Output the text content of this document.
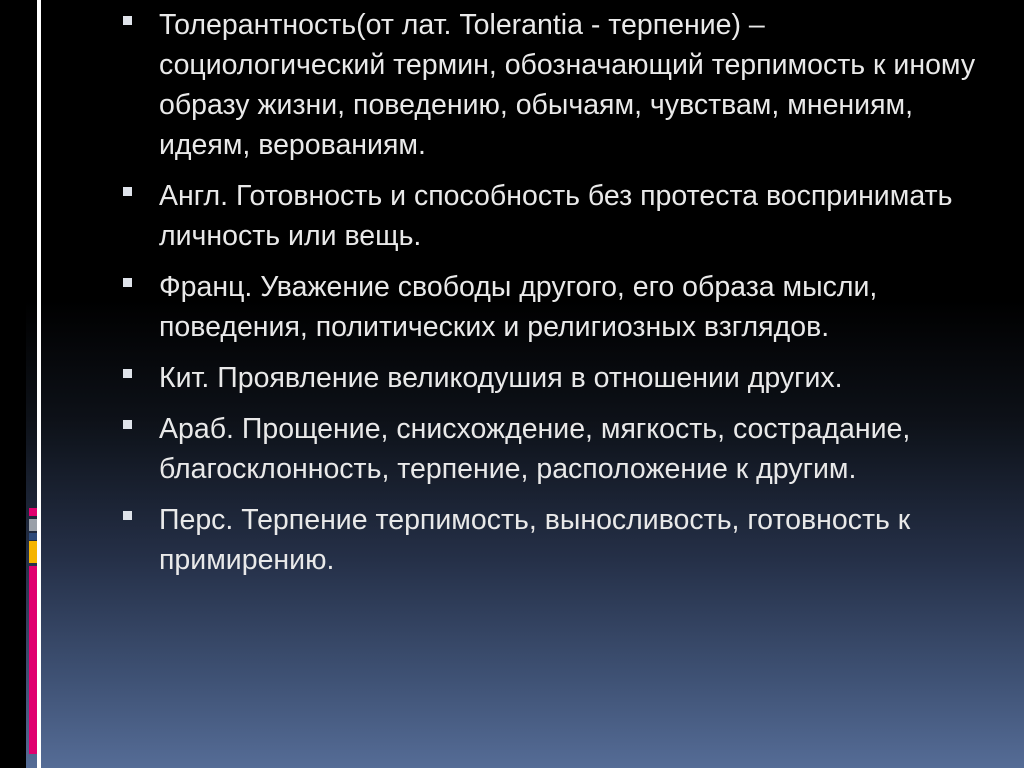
Толерантность(от лат. Tolerantia - терпение) – социологический термин, обозначающий терпимость к иному образу жизни, поведению, обычаям, чувствам, мнениям, идеям, верованиям.
Англ. Готовность и способность без протеста воспринимать личность или вещь.
Франц. Уважение свободы другого, его образа мысли, поведения, политических и религиозных взглядов.
Кит. Проявление великодушия в отношении других.
Араб. Прощение, снисхождение, мягкость, сострадание, благосклонность, терпение, расположение к другим.
Перс. Терпение терпимость, выносливость, готовность к примирению.
